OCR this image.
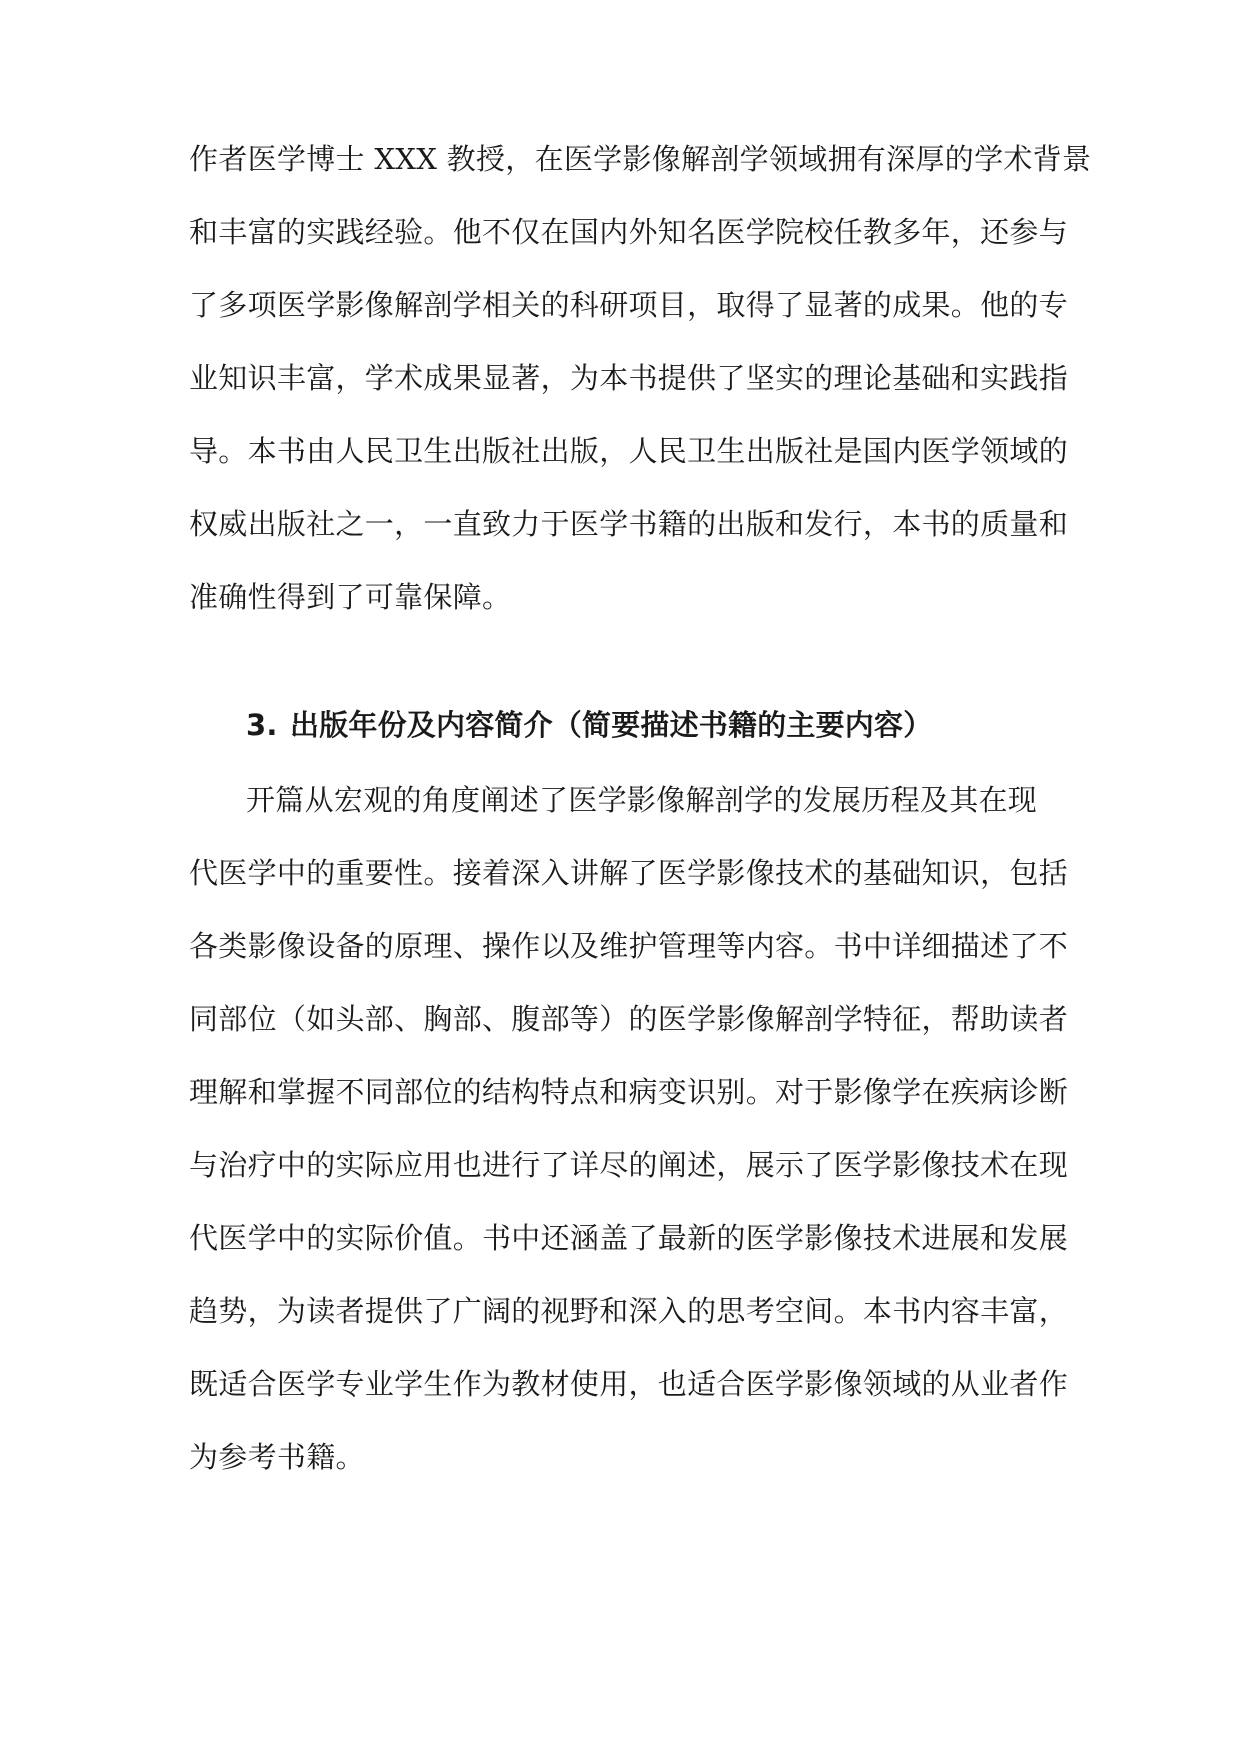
作者医学博士 XXX 教授，在医学影像解剖学领域拥有深厚的学术背景
和丰富的实践经验。他不仅在国内外知名医学院校任教多年，还参与
了多项医学影像解剖学相关的科研项目，取得了显著的成果。他的专
业知识丰富，学术成果显著，为本书提供了坚实的理论基础和实践指
导。本书由人民卫生出版社出版，人民卫生出版社是国内医学领域的
权威出版社之一，一直致力于医学书籍的出版和发行，本书的质量和
准确性得到了可靠保障。
3. 出版年份及内容简介（简要描述书籍的主要内容）
开篇从宏观的角度阐述了医学影像解剖学的发展历程及其在现
代医学中的重要性。接着深入讲解了医学影像技术的基础知识，包括
各类影像设备的原理、操作以及维护管理等内容。书中详细描述了不
同部位（如头部、胸部、腹部等）的医学影像解剖学特征，帮助读者
理解和掌握不同部位的结构特点和病变识别。对于影像学在疾病诊断
与治疗中的实际应用也进行了详尽的阐述，展示了医学影像技术在现
代医学中的实际价值。书中还涵盖了最新的医学影像技术进展和发展
趋势，为读者提供了广阔的视野和深入的思考空间。本书内容丰富，
既适合医学专业学生作为教材使用，也适合医学影像领域的从业者作
为参考书籍。
